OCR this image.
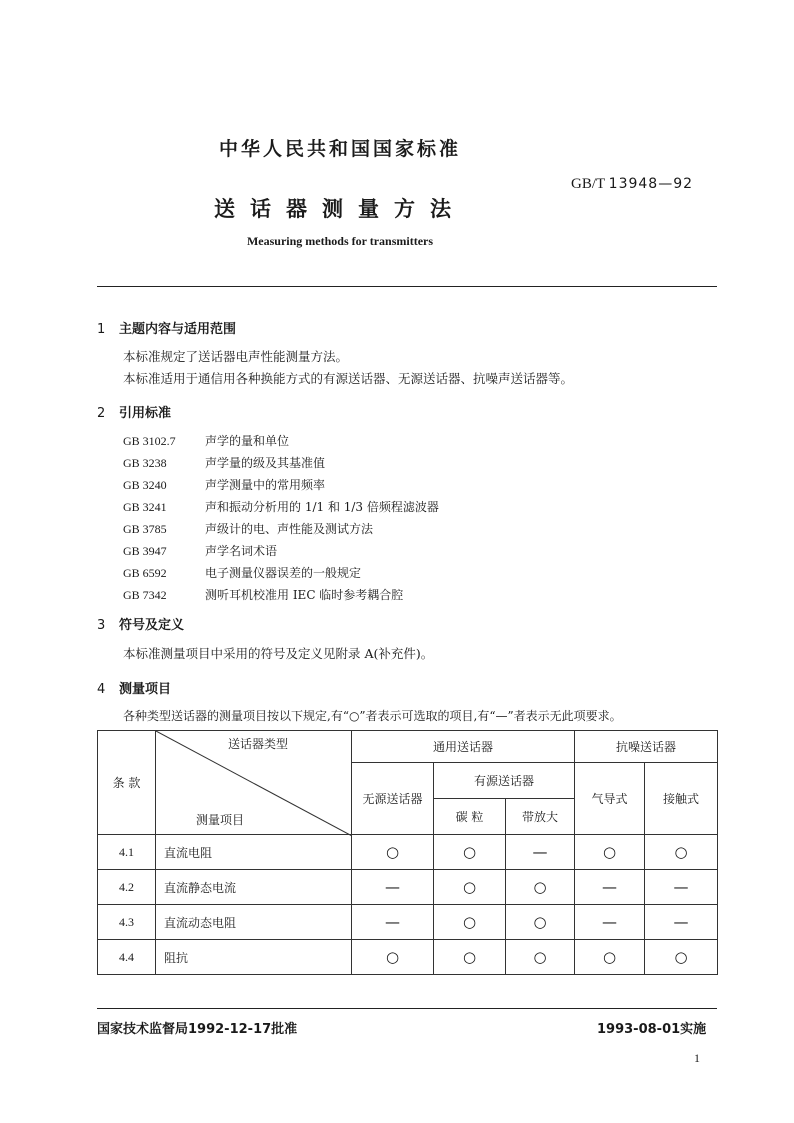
中华人民共和国国家标准
GB/T 13948—92
送话器测量方法
Measuring methods for transmitters
1 主题内容与适用范围
本标准规定了送话器电声性能测量方法。
本标准适用于通信用各种换能方式的有源送话器、无源送话器、抗噪声送话器等。
2 引用标准
GB 3102.7 声学的量和单位
GB 3238	声学量的级及其基准值
GB 3240	声学测量中的常用频率
GB 3241	声和振动分析用的 1/1 和 1/3 倍频程滤波器
GB 3785	声级计的电、声性能及测试方法
GB 3947	声学名词术语
GB 6592	电子测量仪器误差的一般规定
GB 7342	测听耳机校准用 IEC 临时参考耦合腔
3 符号及定义
本标准测量项目中采用的符号及定义见附录 A(补充件)。
4 测量项目
各种类型送话器的测量项目按以下规定,有“○”者表示可选取的项目,有“—”者表示无此项要求。
条 款	送话器类型
测量项目	通用送话器			抗噪送话器	
		无源送话器	有源送话器		气导式	接触式
			碳 粒	带放大		
4.1	直流电阻	○	○	—	○	○
4.2	直流静态电流	—	○	○	—	—
4.3	直流动态电阻	—	○	○	—	—
4.4	阻抗	○	○	○	○	○
国家技术监督局1992-12-17批准	1993-08-01实施
1
